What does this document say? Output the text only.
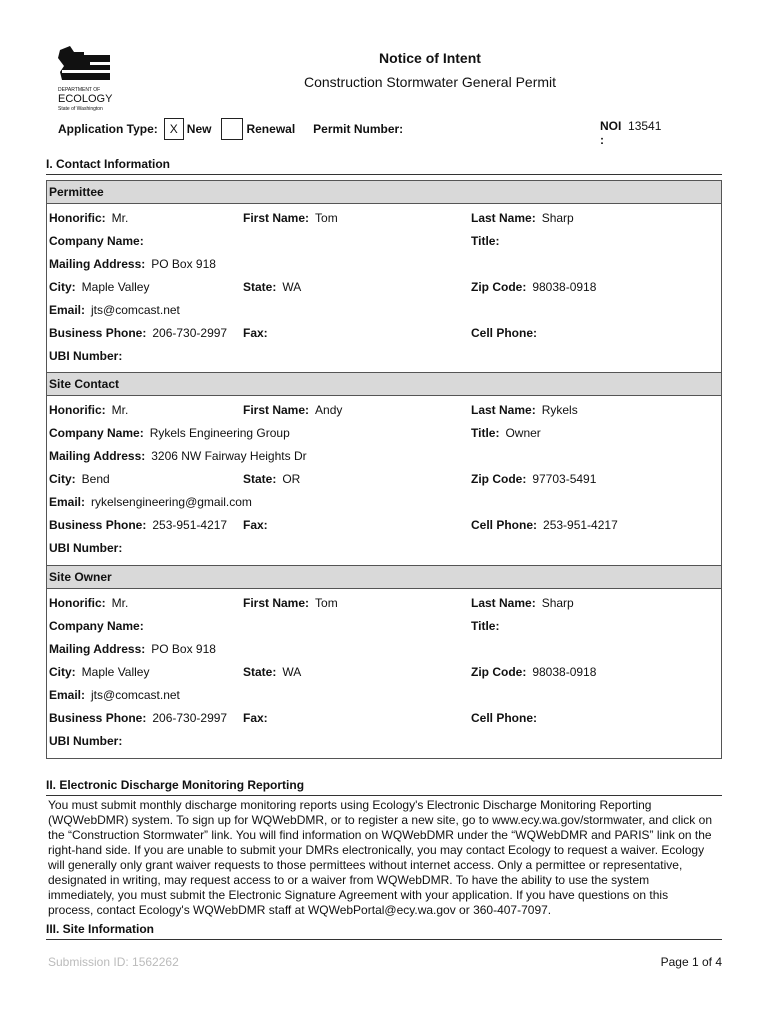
DEPARTMENT OF
ECOLOGY
State of Washington
Notice of Intent
Construction Stormwater General Permit
Application Type: X New	Renewal Permit Number:	NOI 13541
:
I. Contact Information
Permittee
Honorific: Mr.	First Name: Tom	Last Name: Sharp
Company Name:	Title:
Mailing Address: PO Box 918
City: Maple Valley	State: WA	Zip Code: 98038-0918
Email: jts@comcast.net
Business Phone: 206-730-2997 Fax:	Cell Phone:
UBI Number:
Site Contact
Honorific: Mr.	First Name: Andy	Last Name: Rykels
Company Name: Rykels Engineering Group	Title: Owner
Mailing Address: 3206 NW Fairway Heights Dr
City: Bend	State: OR	Zip Code: 97703-5491
Email: rykelsengineering@gmail.com
Business Phone: 253-951-4217 Fax:	Cell Phone: 253-951-4217
UBI Number:
Site Owner
Honorific: Mr.	First Name: Tom	Last Name: Sharp
Company Name:	Title:
Mailing Address: PO Box 918
City: Maple Valley	State: WA	Zip Code: 98038-0918
Email: jts@comcast.net
Business Phone: 206-730-2997 Fax:	Cell Phone:
UBI Number:
II. Electronic Discharge Monitoring Reporting
You must submit monthly discharge monitoring reports using Ecology's Electronic Discharge Monitoring Reporting (WQWebDMR) system. To sign up for WQWebDMR, or to register a new site, go to www.ecy.wa.gov/stormwater, and click on the “Construction Stormwater” link. You will find information on WQWebDMR under the “WQWebDMR and PARIS” link on the right-hand side. If you are unable to submit your DMRs electronically, you may contact Ecology to request a waiver. Ecology will generally only grant waiver requests to those permittees without internet access. Only a permittee or representative, designated in writing, may request access to or a waiver from WQWebDMR. To have the ability to use the system immediately, you must submit the Electronic Signature Agreement with your application. If you have questions on this process, contact Ecology's WQWebDMR staff at WQWebPortal@ecy.wa.gov or 360-407-7097.
III. Site Information
Submission ID: 1562262	Page 1 of 4
